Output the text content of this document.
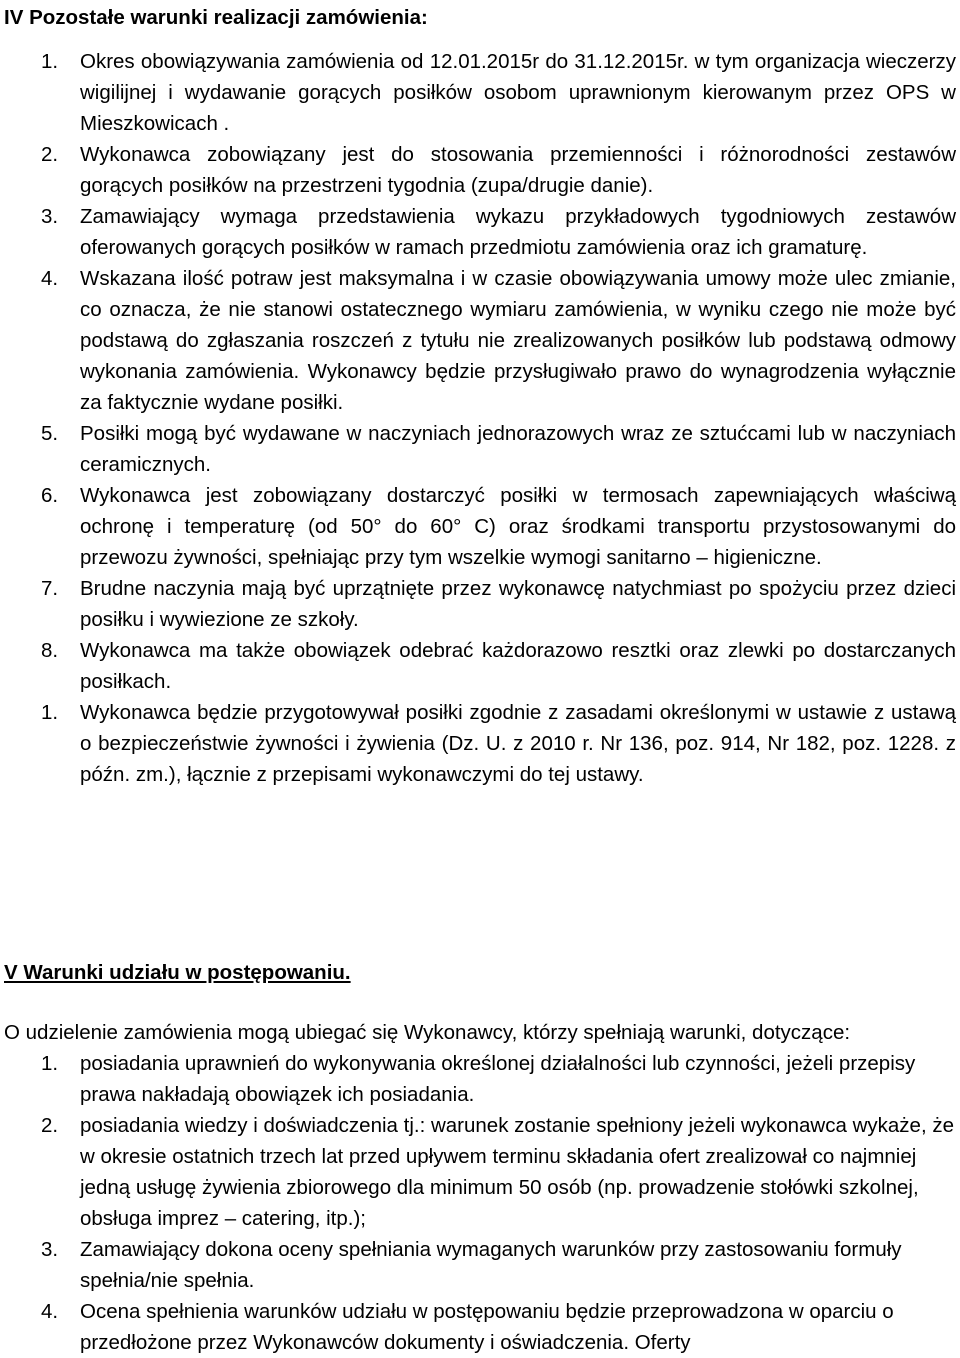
IV Pozostałe warunki realizacji zamówienia:
1. Okres obowiązywania zamówienia od 12.01.2015r do 31.12.2015r. w tym organizacja wieczerzy wigilijnej i wydawanie gorących posiłków osobom uprawnionym kierowanym przez OPS w Mieszkowicach .
2. Wykonawca zobowiązany jest do stosowania przemienności i różnorodności zestawów gorących posiłków na przestrzeni tygodnia (zupa/drugie danie).
3. Zamawiający wymaga przedstawienia wykazu przykładowych tygodniowych zestawów oferowanych gorących posiłków w ramach przedmiotu zamówienia oraz ich gramaturę.
4. Wskazana ilość potraw jest maksymalna i w czasie obowiązywania umowy może ulec zmianie, co oznacza, że nie stanowi ostatecznego wymiaru zamówienia, w wyniku czego nie może być podstawą do zgłaszania roszczeń z tytułu nie zrealizowanych posiłków lub podstawą odmowy wykonania zamówienia. Wykonawcy będzie przysługiwało prawo do wynagrodzenia wyłącznie za faktycznie wydane posiłki.
5. Posiłki mogą być wydawane w naczyniach jednorazowych wraz ze sztućcami lub w naczyniach ceramicznych.
6. Wykonawca jest zobowiązany dostarczyć posiłki w termosach zapewniających właściwą ochronę i temperaturę (od 50° do 60° C) oraz środkami transportu przystosowanymi do przewozu żywności, spełniając przy tym wszelkie wymogi sanitarno – higieniczne.
7. Brudne naczynia mają być uprzątnięte przez wykonawcę natychmiast po spożyciu przez dzieci posiłku i wywiezione ze szkoły.
8. Wykonawca ma także obowiązek odebrać każdorazowo resztki oraz zlewki po dostarczanych posiłkach.
1. Wykonawca będzie przygotowywał posiłki zgodnie z zasadami określonymi w ustawie z ustawą o bezpieczeństwie żywności i żywienia (Dz. U. z 2010 r. Nr 136, poz. 914, Nr 182, poz. 1228. z późn. zm.), łącznie z przepisami wykonawczymi do tej ustawy.
V Warunki udziału w postępowaniu.

O udzielenie zamówienia mogą ubiegać się Wykonawcy, którzy spełniają warunki, dotyczące:

1. posiadania uprawnień do wykonywania określonej działalności lub czynności, jeżeli przepisy prawa nakładają obowiązek ich posiadania.
2. posiadania wiedzy i doświadczenia tj.: warunek zostanie spełniony jeżeli wykonawca wykaże, że w okresie ostatnich trzech lat przed upływem terminu składania ofert zrealizował co najmniej jedną usługę żywienia zbiorowego dla minimum 50 osób (np. prowadzenie stołówki szkolnej, obsługa imprez – catering, itp.);
3. Zamawiający dokona oceny spełniania wymaganych warunków przy zastosowaniu formuły spełnia/nie spełnia.
4. Ocena spełnienia warunków udziału w postępowaniu będzie przeprowadzona w oparciu o przedłożone przez Wykonawców dokumenty i oświadczenia. Oferty
